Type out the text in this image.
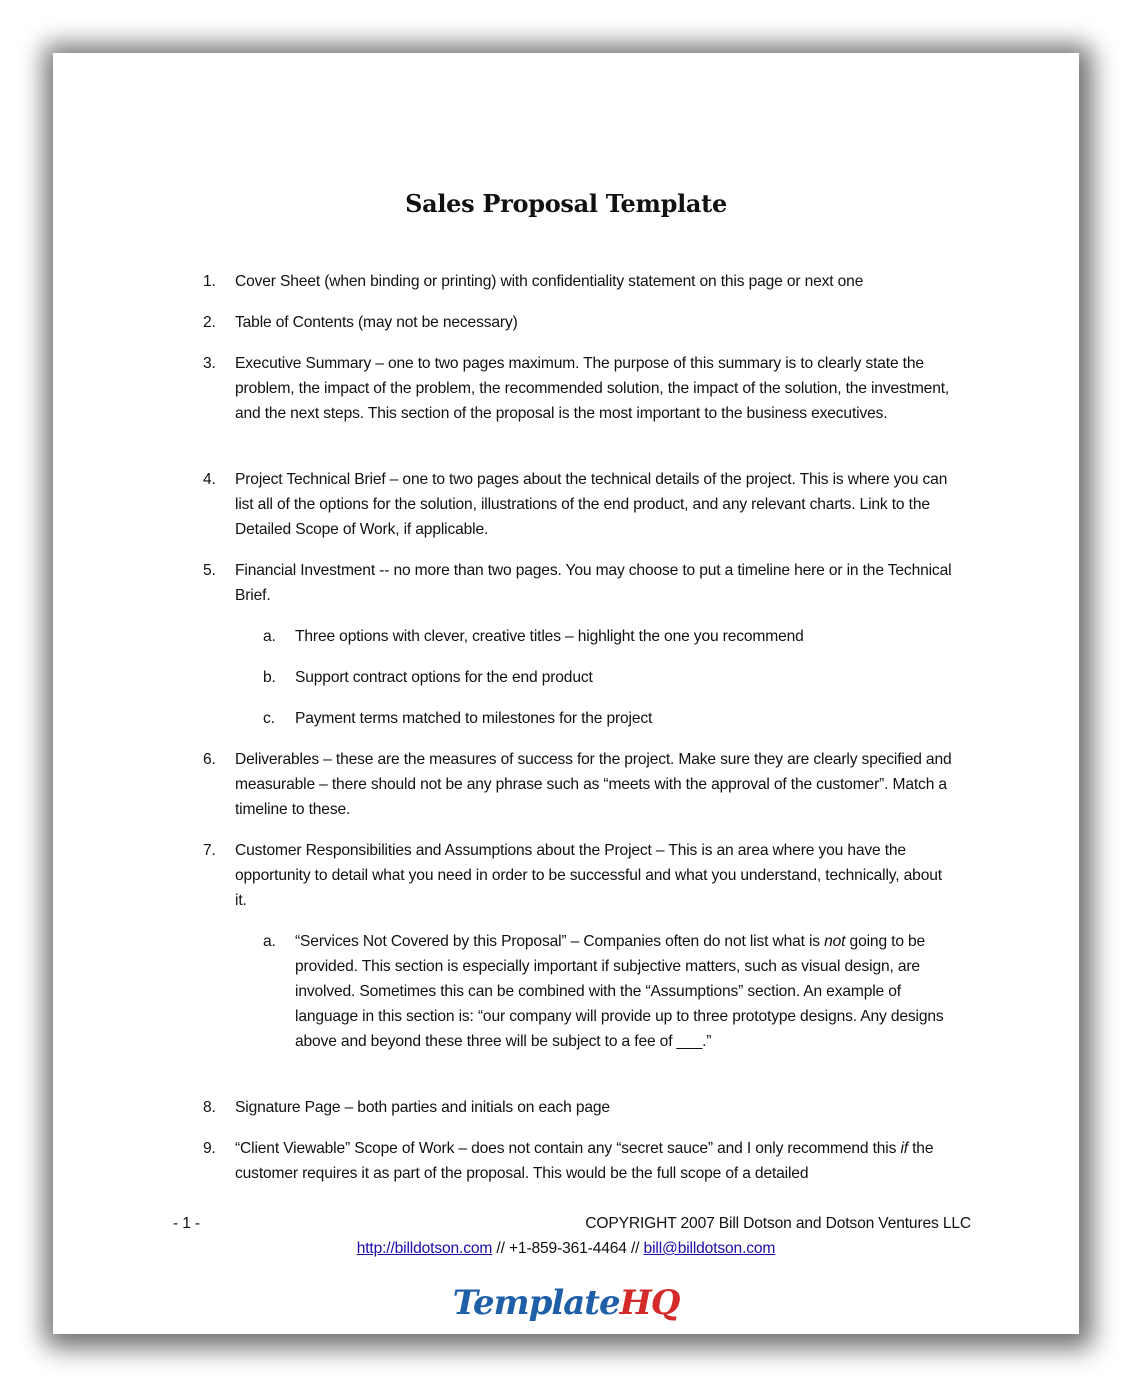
Sales Proposal Template
1.	Cover Sheet (when binding or printing) with confidentiality statement on this page or next one
2.	Table of Contents (may not be necessary)
3.	Executive Summary – one to two pages maximum. The purpose of this summary is to clearly state the problem, the impact of the problem, the recommended solution, the impact of the solution, the investment, and the next steps. This section of the proposal is the most important to the business executives.
4.	Project Technical Brief – one to two pages about the technical details of the project. This is where you can list all of the options for the solution, illustrations of the end product, and any relevant charts. Link to the Detailed Scope of Work, if applicable.
5.	Financial Investment -- no more than two pages. You may choose to put a timeline here or in the Technical Brief.
a.	Three options with clever, creative titles – highlight the one you recommend
b.	Support contract options for the end product
c.	Payment terms matched to milestones for the project
6.	Deliverables – these are the measures of success for the project. Make sure they are clearly specified and measurable – there should not be any phrase such as “meets with the approval of the customer”. Match a timeline to these.
7.	Customer Responsibilities and Assumptions about the Project – This is an area where you have the opportunity to detail what you need in order to be successful and what you understand, technically, about it.
a.	“Services Not Covered by this Proposal” – Companies often do not list what is not going to be provided. This section is especially important if subjective matters, such as visual design, are involved. Sometimes this can be combined with the “Assumptions” section. An example of language in this section is: “our company will provide up to three prototype designs. Any designs above and beyond these three will be subject to a fee of ___.”
8.	Signature Page – both parties and initials on each page
9.	“Client Viewable” Scope of Work – does not contain any “secret sauce” and I only recommend this if the customer requires it as part of the proposal. This would be the full scope of a detailed
- 1 -	COPYRIGHT 2007 Bill Dotson and Dotson Ventures LLC
http://billdotson.com // +1-859-361-4464 // bill@billdotson.com
TemplateHQ
